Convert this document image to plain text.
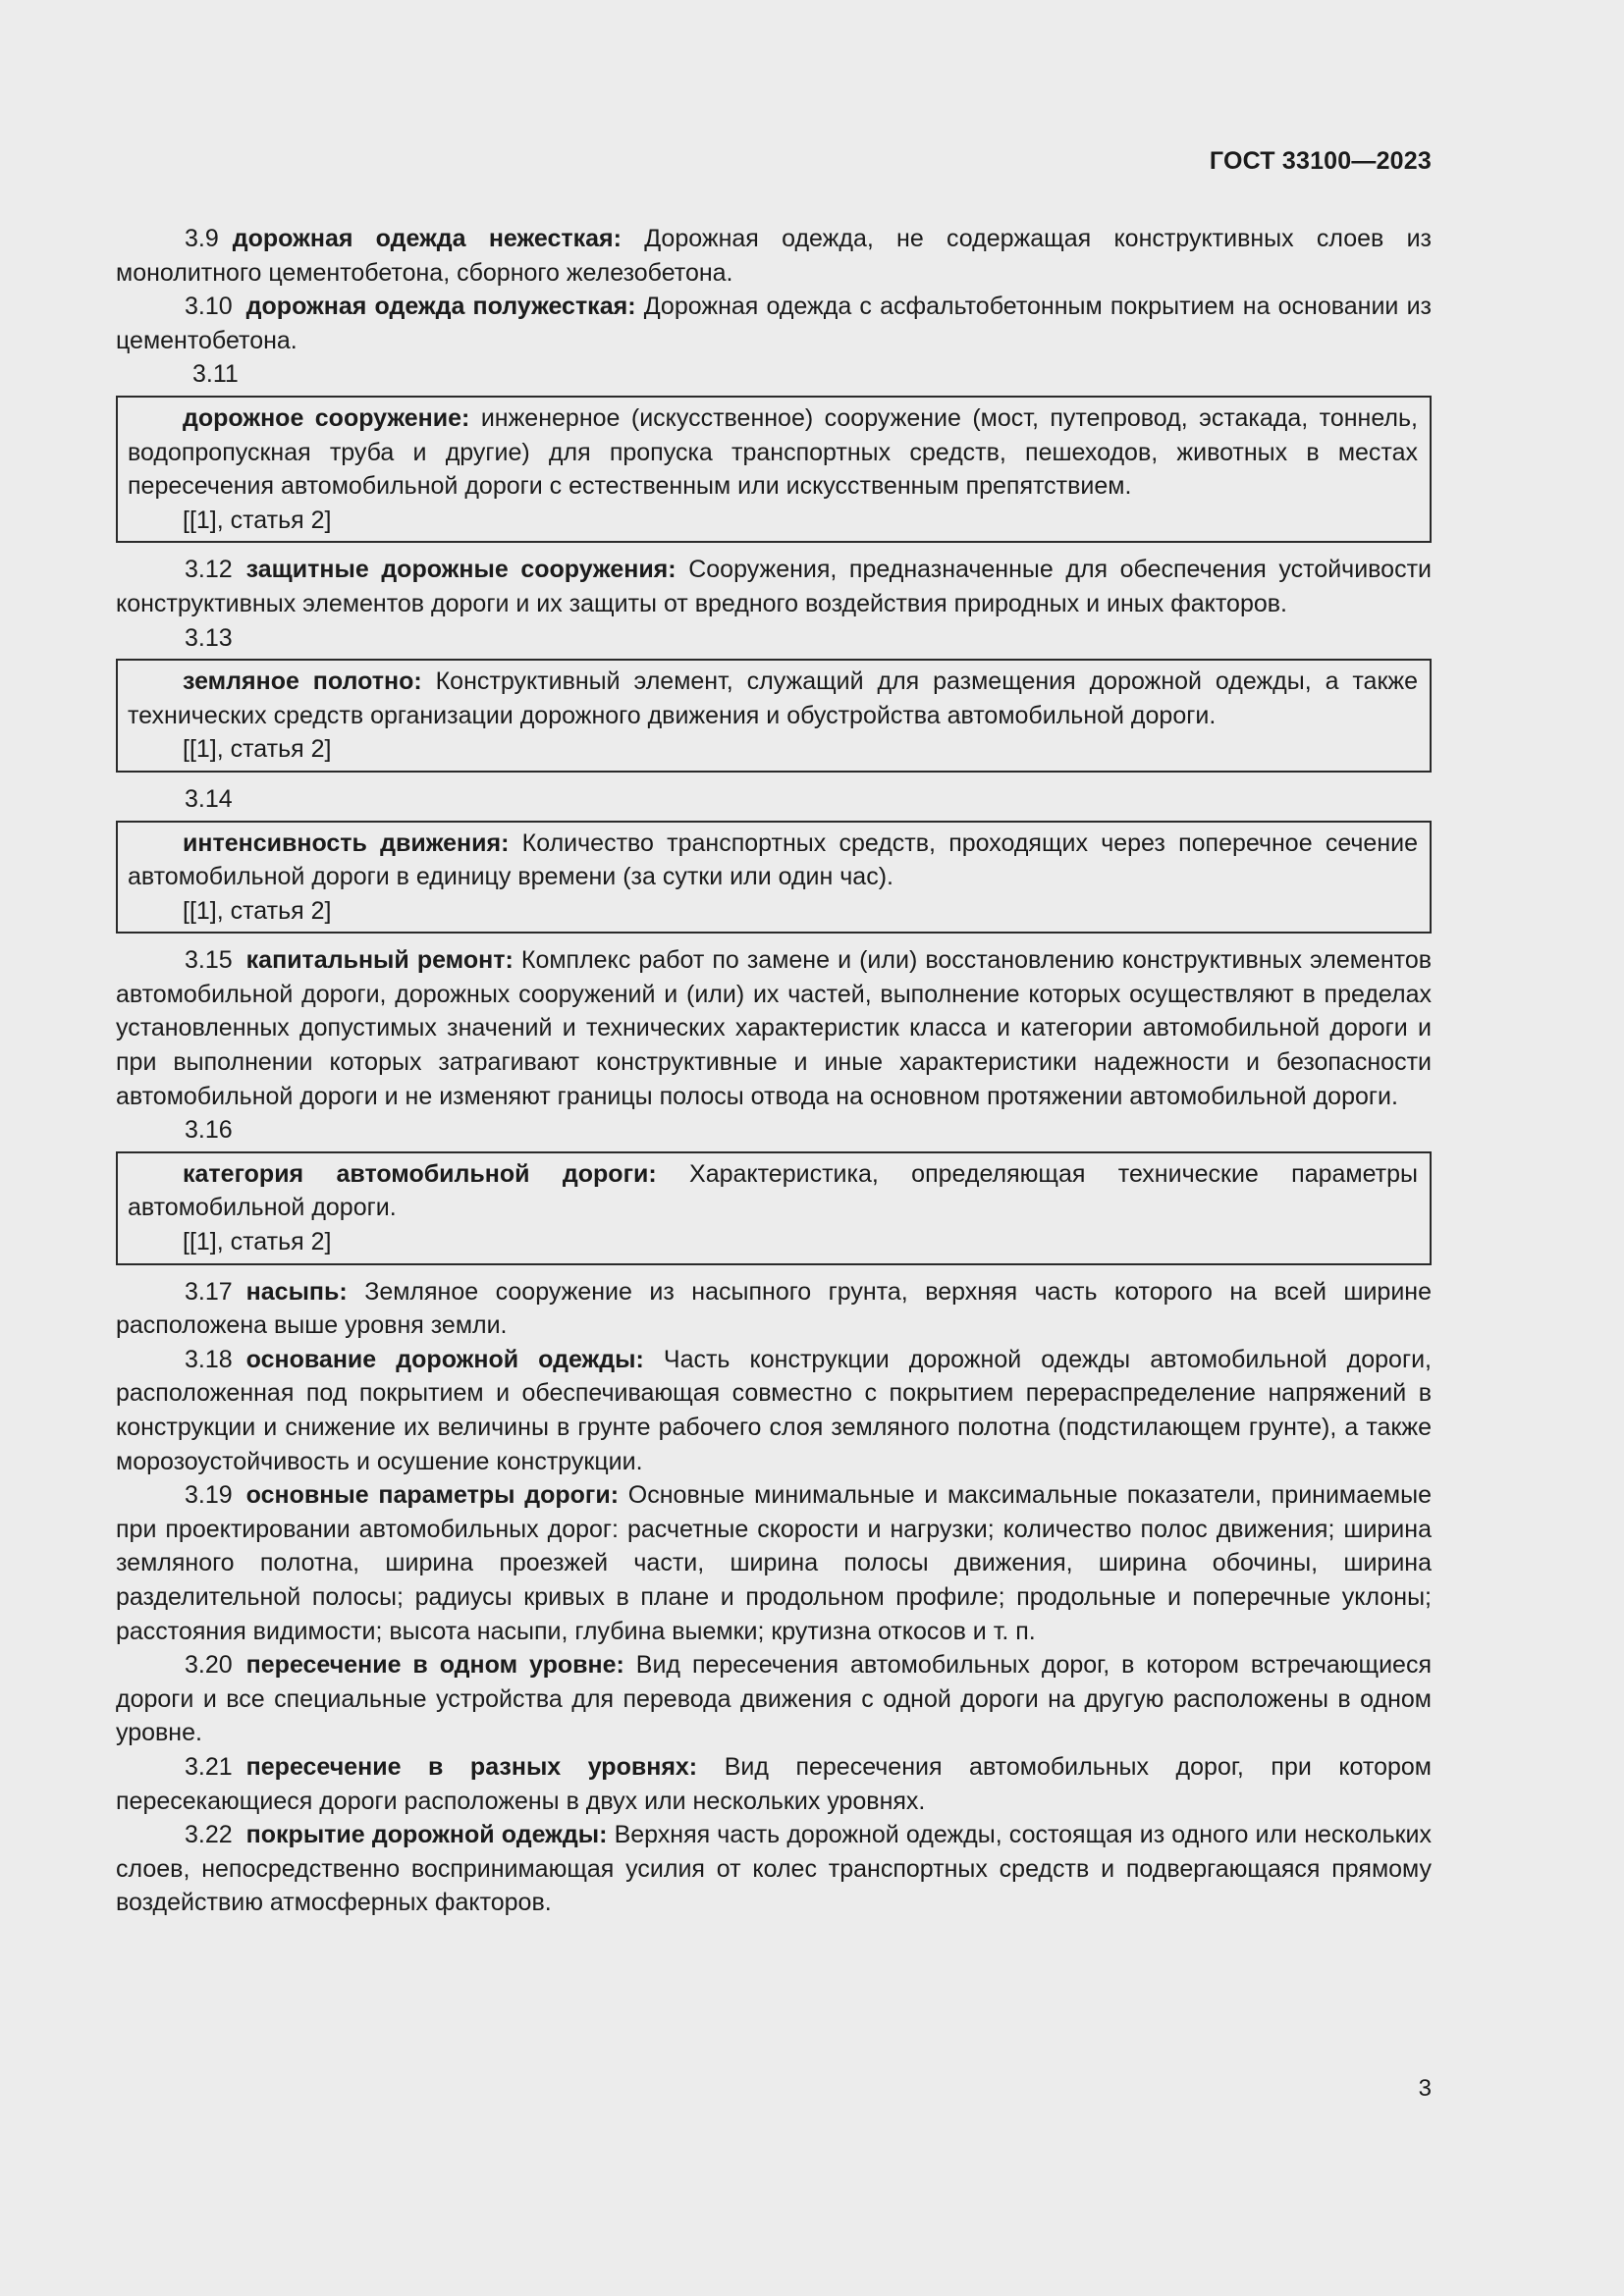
ГОСТ 33100—2023

3.9 дорожная одежда нежесткая: Дорожная одежда, не содержащая конструктивных слоев из монолитного цементобетона, сборного железобетона.

3.10 дорожная одежда полужесткая: Дорожная одежда с асфальтобетонным покрытием на основании из цементобетона.

3.11

дорожное сооружение: инженерное (искусственное) сооружение (мост, путепровод, эстакада, тоннель, водопропускная труба и другие) для пропуска транспортных средств, пешеходов, животных в местах пересечения автомобильной дороги с естественным или искусственным препятствием.

[[1], статья 2]

3.12 защитные дорожные сооружения: Сооружения, предназначенные для обеспечения устойчивости конструктивных элементов дороги и их защиты от вредного воздействия природных и иных факторов.

3.13

земляное полотно: Конструктивный элемент, служащий для размещения дорожной одежды, а также технических средств организации дорожного движения и обустройства автомобильной дороги.

[[1], статья 2]

3.14

интенсивность движения: Количество транспортных средств, проходящих через поперечное сечение автомобильной дороги в единицу времени (за сутки или один час).

[[1], статья 2]

3.15 капитальный ремонт: Комплекс работ по замене и (или) восстановлению конструктивных элементов автомобильной дороги, дорожных сооружений и (или) их частей, выполнение которых осуществляют в пределах установленных допустимых значений и технических характеристик класса и категории автомобильной дороги и при выполнении которых затрагивают конструктивные и иные характеристики надежности и безопасности автомобильной дороги и не изменяют границы полосы отвода на основном протяжении автомобильной дороги.

3.16

категория автомобильной дороги: Характеристика, определяющая технические параметры автомобильной дороги.

[[1], статья 2]

3.17 насыпь: Земляное сооружение из насыпного грунта, верхняя часть которого на всей ширине расположена выше уровня земли.

3.18 основание дорожной одежды: Часть конструкции дорожной одежды автомобильной дороги, расположенная под покрытием и обеспечивающая совместно с покрытием перераспределение напряжений в конструкции и снижение их величины в грунте рабочего слоя земляного полотна (подстилающем грунте), а также морозоустойчивость и осушение конструкции.

3.19 основные параметры дороги: Основные минимальные и максимальные показатели, принимаемые при проектировании автомобильных дорог: расчетные скорости и нагрузки; количество полос движения; ширина земляного полотна, ширина проезжей части, ширина полосы движения, ширина обочины, ширина разделительной полосы; радиусы кривых в плане и продольном профиле; продольные и поперечные уклоны; расстояния видимости; высота насыпи, глубина выемки; крутизна откосов и т. п.

3.20 пересечение в одном уровне: Вид пересечения автомобильных дорог, в котором встречающиеся дороги и все специальные устройства для перевода движения с одной дороги на другую расположены в одном уровне.

3.21 пересечение в разных уровнях: Вид пересечения автомобильных дорог, при котором пересекающиеся дороги расположены в двух или нескольких уровнях.

3.22 покрытие дорожной одежды: Верхняя часть дорожной одежды, состоящая из одного или нескольких слоев, непосредственно воспринимающая усилия от колес транспортных средств и подвергающаяся прямому воздействию атмосферных факторов.

3
